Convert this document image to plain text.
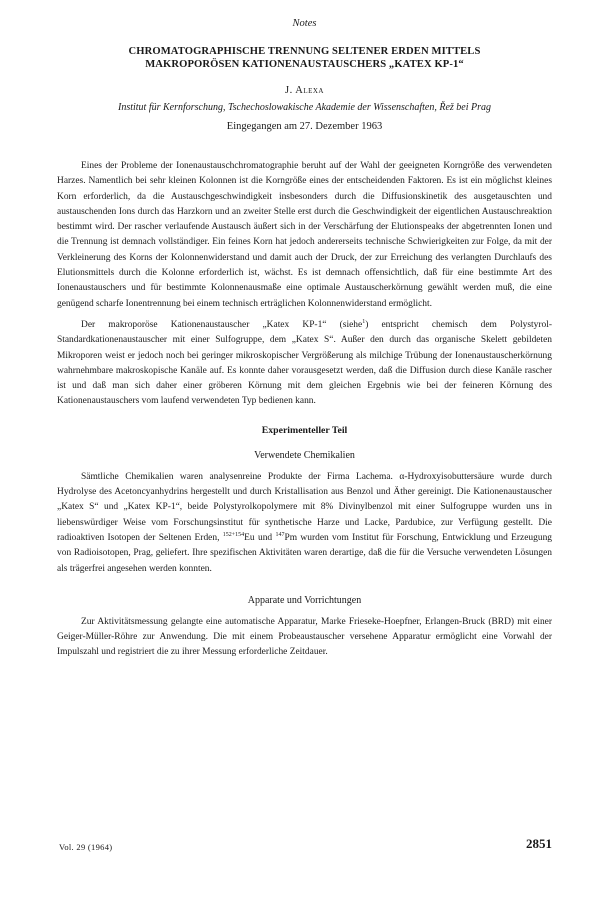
Notes
CHROMATOGRAPHISCHE TRENNUNG SELTENER ERDEN MITTELS
MAKROPORÖSEN KATIONENAUSTAUSCHERS „KATEX KP-1“
J. Alexa
Institut für Kernforschung, Tschechoslowakische Akademie der Wissenschaften, Řež bei Prag
Eingegangen am 27. Dezember 1963

Eines der Probleme der Ionenaustauschchromatographie beruht auf der Wahl der geeigneten Korngröße des verwendeten Harzes. Namentlich bei sehr kleinen Kolonnen ist die Korngröße eines der entscheidenden Faktoren. Es ist ein möglichst kleines Korn erforderlich, da die Austauschgeschwindigkeit insbesonders durch die Diffusionskinetik des ausgetauschten und austauschenden Ions durch das Harzkorn und an zweiter Stelle erst durch die Geschwindigkeit der eigentlichen Austauschreaktion bestimmt wird. Der rascher verlaufende Austausch äußert sich in der Verschärfung der Elutionspeaks der abgetrennten Ionen und die Trennung ist demnach vollständiger. Ein feines Korn hat jedoch andererseits technische Schwierigkeiten zur Folge, da mit der Verkleinerung des Korns der Kolonnenwiderstand und damit auch der Druck, der zur Erreichung des verlangten Durchlaufs des Elutionsmittels durch die Kolonne erforderlich ist, wächst. Es ist demnach offensichtlich, daß für eine bestimmte Art des Ionenaustauschers und für bestimmte Kolonnenausmaße eine optimale Austauscherkörnung gewählt werden muß, die eine genügend scharfe Ionentrennung bei einem technisch erträglichen Kolonnenwiderstand ermöglicht.

Der makroporöse Kationenaustauscher „Katex KP-1“ (siehe$^1$) entspricht chemisch dem Polystyrol-Standardkationenaustauscher mit einer Sulfogruppe, dem „Katex S“. Außer den durch das organische Skelett gebildeten Mikroporen weist er jedoch noch bei geringer mikroskopischer Vergrößerung als milchige Trübung der Ionenaustauscherkörnung wahrnehmbare makroskopische Kanäle auf. Es konnte daher vorausgesetzt werden, daß die Diffusion durch diese Kanäle rascher ist und daß man sich daher einer gröberen Körnung mit dem gleichen Ergebnis wie bei der feineren Körnung des Kationenaustauschers vom laufend verwendeten Typ bedienen kann.

Experimenteller Teil
Verwendete Chemikalien

Sämtliche Chemikalien waren analysenreine Produkte der Firma Lachema. α-Hydroxyisobuttersäure wurde durch Hydrolyse des Acetoncyanhydrins hergestellt und durch Kristallisation aus Benzol und Äther gereinigt. Die Kationenaustauscher „Katex S“ und „Katex KP-1“, beide Polystyrolkopolymere mit 8% Divinylbenzol mit einer Sulfogruppe wurden uns in liebenswürdiger Weise vom Forschungsinstitut für synthetische Harze und Lacke, Pardubice, zur Verfügung gestellt. Die radioaktiven Isotopen der Seltenen Erden, $^{152+154}$Eu und $^{147}$Pm wurden vom Institut für Forschung, Entwicklung und Erzeugung von Radioisotopen, Prag, geliefert. Ihre spezifischen Aktivitäten waren derartige, daß die für die Versuche verwendeten Lösungen als trägerfrei angesehen werden konnten.

Apparate und Vorrichtungen

Zur Aktivitätsmessung gelangte eine automatische Apparatur, Marke Frieseke-Hoepfner, Erlangen-Bruck (BRD) mit einer Geiger-Müller-Röhre zur Anwendung. Die mit einem Probeaustauscher versehene Apparatur ermöglicht eine Vorwahl der Impulszahl und registriert die zu ihrer Messung erforderliche Zeitdauer.

Vol. 29 (1964)	2851
